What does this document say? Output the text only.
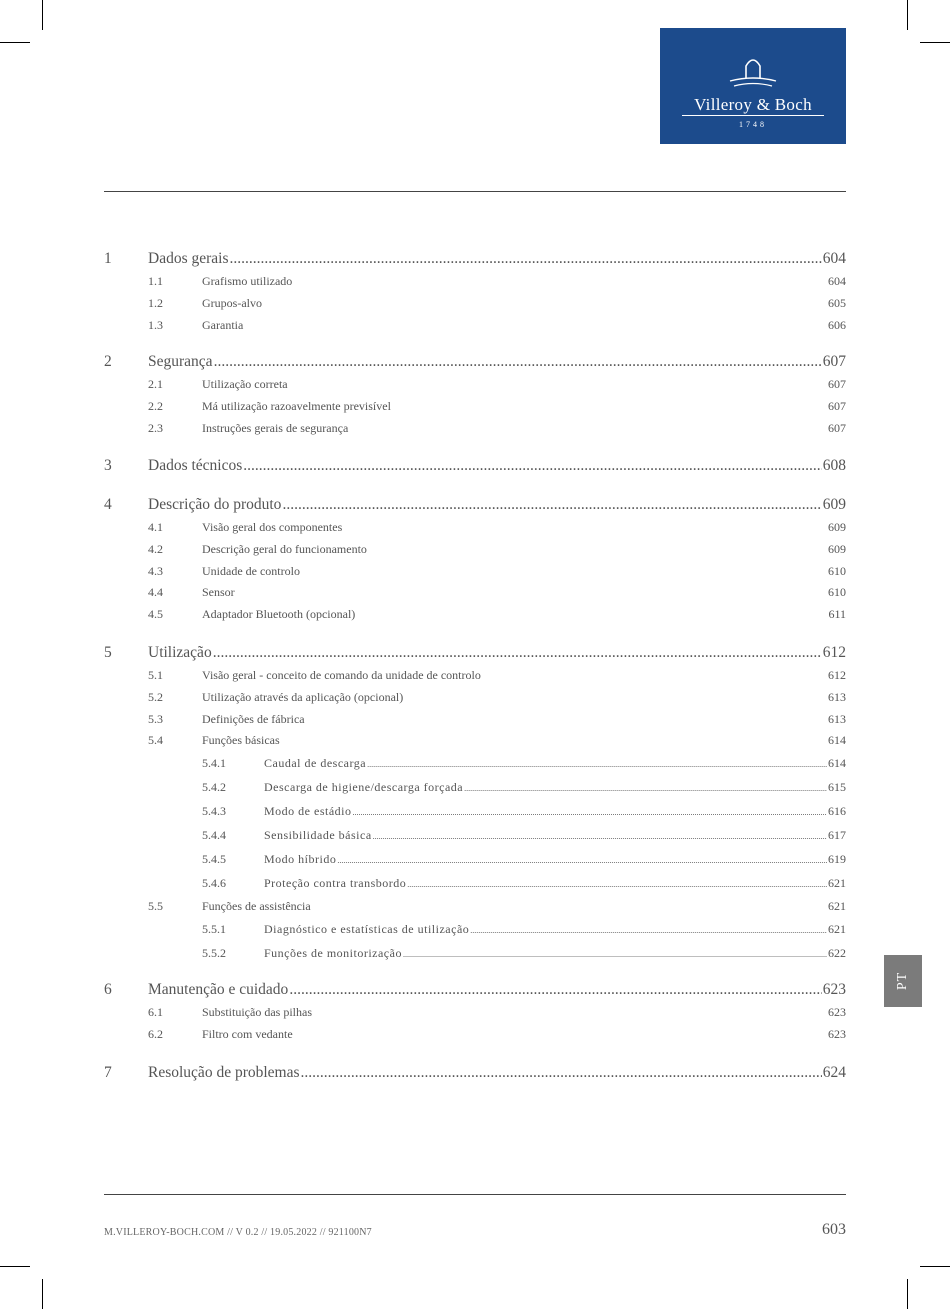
Villeroy & Boch
1748
1	Dados gerais .....	604
1.1	Grafismo utilizado	604
1.2	Grupos-alvo	605
1.3	Garantia	606
2	Segurança .....	607
2.1	Utilização correta	607
2.2	Má utilização razoavelmente previsível	607
2.3	Instruções gerais de segurança	607
3	Dados técnicos .....	608
4	Descrição do produto .....	609
4.1	Visão geral dos componentes	609
4.2	Descrição geral do funcionamento	609
4.3	Unidade de controlo	610
4.4	Sensor	610
4.5	Adaptador Bluetooth (opcional)	611
5	Utilização .....	612
5.1	Visão geral - conceito de comando da unidade de controlo	612
5.2	Utilização através da aplicação (opcional)	613
5.3	Definições de fábrica	613
5.4	Funções básicas	614
5.4.1	Caudal de descarga .....	614
5.4.2	Descarga de higiene/descarga forçada .....	615
5.4.3	Modo de estádio .....	616
5.4.4	Sensibilidade básica .....	617
5.4.5	Modo híbrido .....	619
5.4.6	Proteção contra transbordo .....	621
5.5	Funções de assistência	621
5.5.1	Diagnóstico e estatísticas de utilização .....	621
5.5.2	Funções de monitorização .....	622
6	Manutenção e cuidado .....	623
6.1	Substituição das pilhas	623
6.2	Filtro com vedante	623
7	Resolução de problemas .....	624
PT
M.VILLEROY-BOCH.COM // V 0.2 // 19.05.2022 // 921100N7	603
